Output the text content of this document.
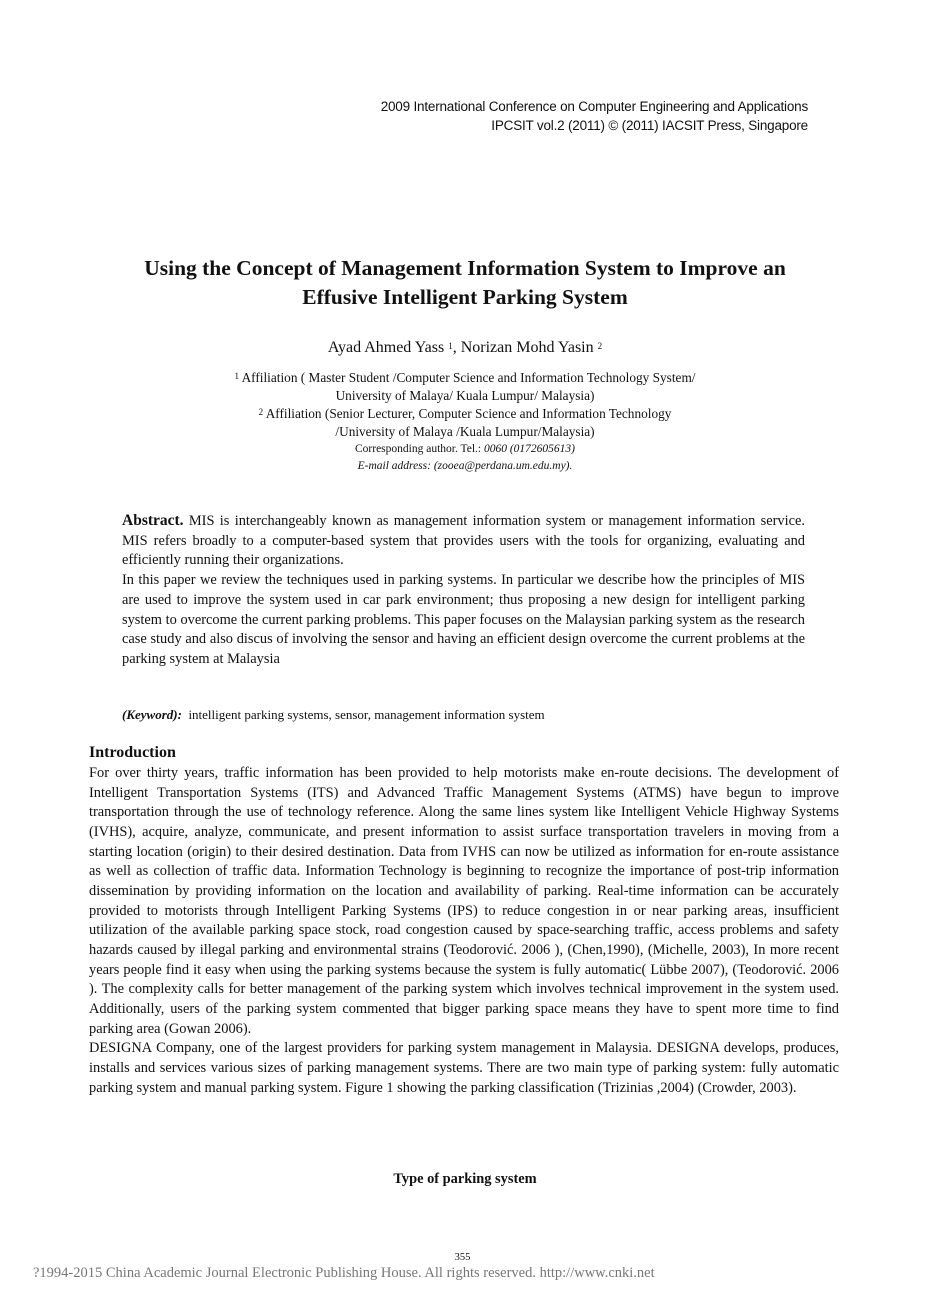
2009 International Conference on Computer Engineering and Applications
IPCSIT vol.2 (2011) © (2011) IACSIT Press, Singapore
Using the Concept of Management Information System to Improve an
Effusive Intelligent Parking System
Ayad Ahmed Yass $^1$, Norizan Mohd Yasin $^2$
$^1$ Affiliation ( Master Student /Computer Science and Information Technology System/
University of Malaya/ Kuala Lumpur/ Malaysia)
$^2$ Affiliation (Senior Lecturer, Computer Science and Information Technology
/University of Malaya /Kuala Lumpur/Malaysia)
Corresponding author. Tel.: 0060 (0172605613)
E-mail address: (zooea@perdana.um.edu.my).

Abstract. MIS is interchangeably known as management information system or management information service. MIS refers broadly to a computer-based system that provides users with the tools for organizing, evaluating and efficiently running their organizations.

In this paper we review the techniques used in parking systems. In particular we describe how the principles of MIS are used to improve the system used in car park environment; thus proposing a new design for intelligent parking system to overcome the current parking problems. This paper focuses on the Malaysian parking system as the research case study and also discus of involving the sensor and having an efficient design overcome the current problems at the parking system at Malaysia

(Keyword): intelligent parking systems, sensor, management information system
Introduction

For over thirty years, traffic information has been provided to help motorists make en-route decisions. The development of Intelligent Transportation Systems (ITS) and Advanced Traffic Management Systems (ATMS) have begun to improve transportation through the use of technology reference. Along the same lines system like Intelligent Vehicle Highway Systems (IVHS), acquire, analyze, communicate, and present information to assist surface transportation travelers in moving from a starting location (origin) to their desired destination. Data from IVHS can now be utilized as information for en-route assistance as well as collection of traffic data. Information Technology is beginning to recognize the importance of post-trip information dissemination by providing information on the location and availability of parking. Real-time information can be accurately provided to motorists through Intelligent Parking Systems (IPS) to reduce congestion in or near parking areas, insufficient utilization of the available parking space stock, road congestion caused by space-searching traffic, access problems and safety hazards caused by illegal parking and environmental strains (Teodorović. 2006 ), (Chen,1990), (Michelle, 2003), In more recent years people find it easy when using the parking systems because the system is fully automatic( Lübbe 2007), (Teodorović. 2006 ). The complexity calls for better management of the parking system which involves technical improvement in the system used. Additionally, users of the parking system commented that bigger parking space means they have to spent more time to find parking area (Gowan 2006).

DESIGNA Company, one of the largest providers for parking system management in Malaysia. DESIGNA develops, produces, installs and services various sizes of parking management systems. There are two main type of parking system: fully automatic parking system and manual parking system. Figure 1 showing the parking classification (Trizinias ,2004) (Crowder, 2003).

Type of parking system
355
?1994-2015 China Academic Journal Electronic Publishing House. All rights reserved. http://www.cnki.net
